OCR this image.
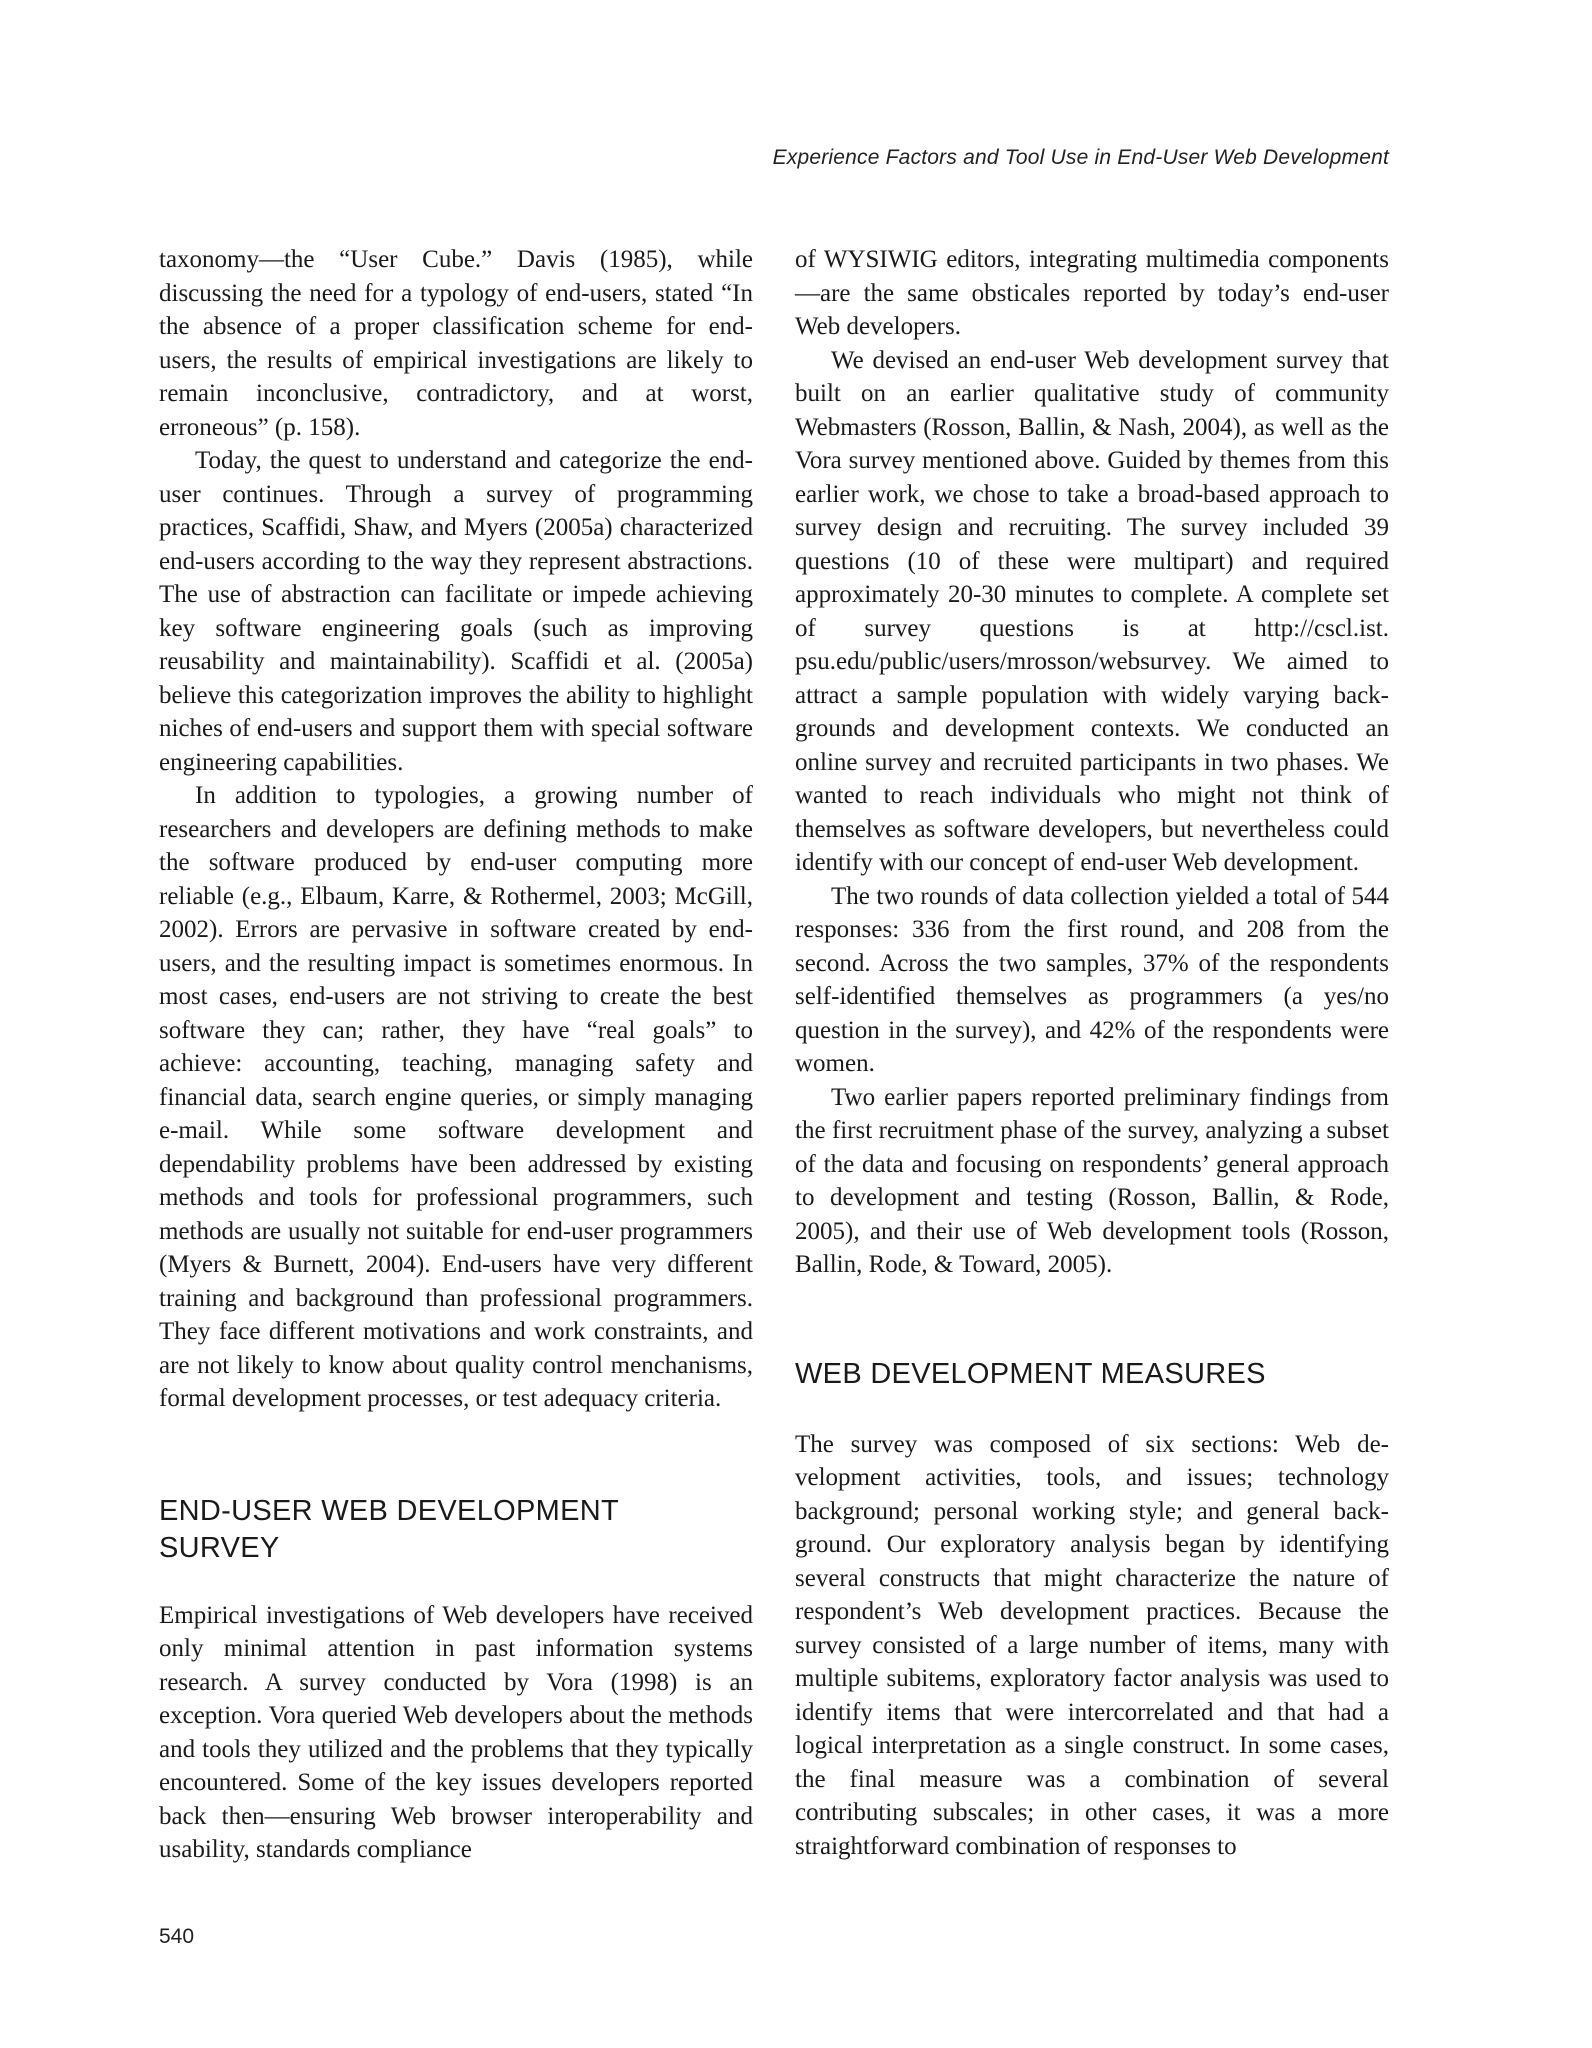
Experience Factors and Tool Use in End-User Web Development

taxonomy—the “User Cube.” Davis (1985), while discussing the need for a typology of end-users, stated “In the absence of a proper classification scheme for end-users, the results of empirical investigations are likely to remain inconclusive, contradictory, and at worst, erroneous” (p. 158).

Today, the quest to understand and categorize the end-user continues. Through a survey of programming practices, Scaffidi, Shaw, and Myers (2005a) characterized end-users according to the way they represent abstractions. The use of abstraction can facilitate or impede achieving key software engineering goals (such as improving reusability and maintainability). Scaffidi et al. (2005a) believe this categorization improves the ability to highlight niches of end-users and support them with special software engineering capabilities.

In addition to typologies, a growing number of researchers and developers are defining methods to make the software produced by end-user computing more reliable (e.g., Elbaum, Karre, & Rothermel, 2003; McGill, 2002). Errors are pervasive in software created by end-users, and the resulting impact is sometimes enormous. In most cases, end-users are not striving to create the best software they can; rather, they have “real goals” to achieve: accounting, teaching, managing safety and financial data, search engine queries, or simply managing e-mail. While some software development and dependability problems have been addressed by existing methods and tools for professional programmers, such methods are usually not suitable for end-user programmers (Myers & Burnett, 2004). End-users have very different training and background than professional programmers. They face different motivations and work constraints, and are not likely to know about quality control menchanisms, formal development processes, or test adequacy criteria.

END-USER WEB DEVELOPMENT SURVEY

Empirical investigations of Web developers have received only minimal attention in past information systems research. A survey conducted by Vora (1998) is an exception. Vora queried Web developers about the methods and tools they utilized and the problems that they typically encountered. Some of the key issues developers reported back then—ensuring Web browser interoperability and usability, standards compliance

of WYSIWIG editors, integrating multimedia components—are the same obsticales reported by today’s end-user Web developers.

We devised an end-user Web development survey that built on an earlier qualitative study of community Webmasters (Rosson, Ballin, & Nash, 2004), as well as the Vora survey mentioned above. Guided by themes from this earlier work, we chose to take a broad-based approach to survey design and recruiting. The survey included 39 questions (10 of these were multipart) and required approximately 20-30 minutes to complete. A complete set of survey questions is at http://cscl.ist.​psu.edu/public/users/mrosson/websurvey. We aimed to attract a sample population with widely varying backgrounds and development contexts. We conducted an online survey and recruited participants in two phases. We wanted to reach individuals who might not think of themselves as software developers, but nevertheless could identify with our concept of end-user Web development.

The two rounds of data collection yielded a total of 544 responses: 336 from the first round, and 208 from the second. Across the two samples, 37% of the respondents self-identified themselves as programmers (a yes/no question in the survey), and 42% of the respondents were women.

Two earlier papers reported preliminary findings from the first recruitment phase of the survey, analyzing a subset of the data and focusing on respondents’ general approach to development and testing (Rosson, Ballin, & Rode, 2005), and their use of Web development tools (Rosson, Ballin, Rode, & Toward, 2005).

WEB DEVELOPMENT MEASURES

The survey was composed of six sections: Web development activities, tools, and issues; technology background; personal working style; and general background. Our exploratory analysis began by identifying several constructs that might characterize the nature of respondent’s Web development practices. Because the survey consisted of a large number of items, many with multiple subitems, exploratory factor analysis was used to identify items that were intercorrelated and that had a logical interpretation as a single construct. In some cases, the final measure was a combination of several contributing subscales; in other cases, it was a more straightforward combination of responses to

540
